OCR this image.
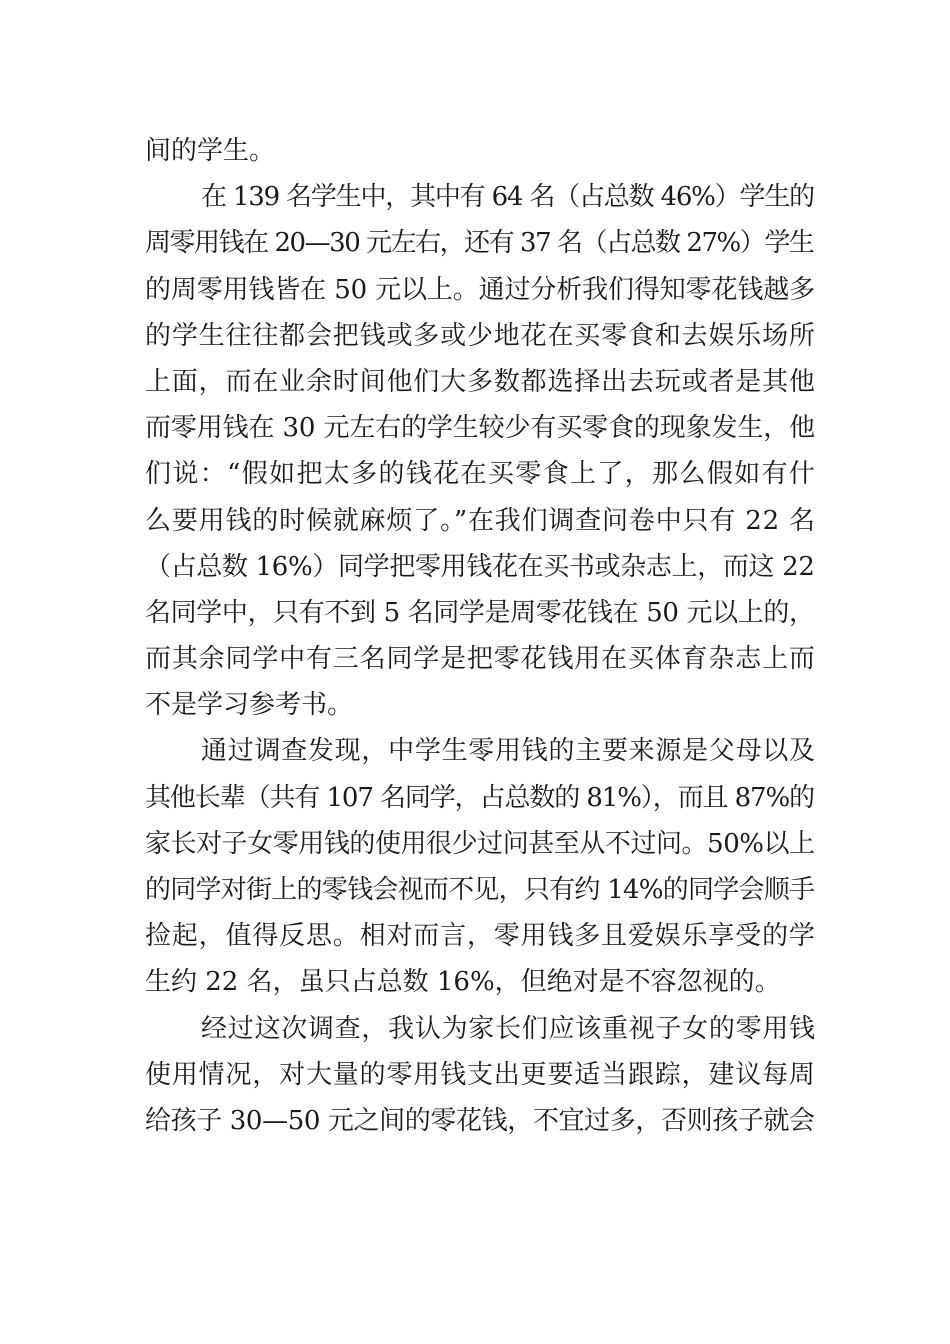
间的学生。
在 139 名学生中，其中有 64 名（占总数 46%）学生的
周零用钱在 20—30 元左右，还有 37 名（占总数 27%）学生
的周零用钱皆在 50 元以上。通过分析我们得知零花钱越多
的学生往往都会把钱或多或少地花在买零食和去娱乐场所
上面，而在业余时间他们大多数都选择出去玩或者是其他
而零用钱在 30 元左右的学生较少有买零食的现象发生，他
们说：“假如把太多的钱花在买零食上了，那么假如有什
么要用钱的时候就麻烦了。”在我们调查问卷中只有 22 名
（占总数 16%）同学把零用钱花在买书或杂志上，而这 22
名同学中，只有不到 5 名同学是周零花钱在 50 元以上的，
而其余同学中有三名同学是把零花钱用在买体育杂志上而
不是学习参考书。
通过调查发现，中学生零用钱的主要来源是父母以及
其他长辈（共有 107 名同学，占总数的 81%），而且 87%的
家长对子女零用钱的使用很少过问甚至从不过问。50%以上
的同学对街上的零钱会视而不见，只有约 14%的同学会顺手
捡起，值得反思。相对而言，零用钱多且爱娱乐享受的学
生约 22 名，虽只占总数 16%，但绝对是不容忽视的。
经过这次调查，我认为家长们应该重视子女的零用钱
使用情况，对大量的零用钱支出更要适当跟踪，建议每周
给孩子 30—50 元之间的零花钱，不宜过多，否则孩子就会
